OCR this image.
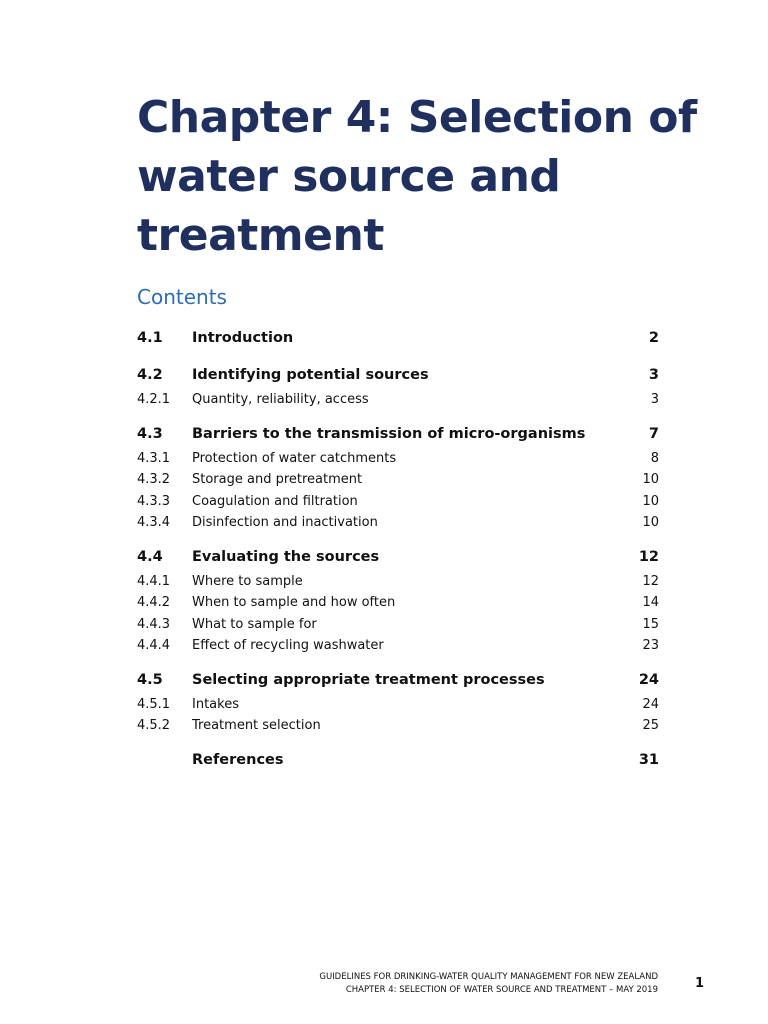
Chapter 4: Selection of water source and treatment
Contents
4.1	Introduction	2
4.2	Identifying potential sources	3
4.2.1	Quantity, reliability, access	3
4.3	Barriers to the transmission of micro-organisms	7
4.3.1	Protection of water catchments	8
4.3.2	Storage and pretreatment	10
4.3.3	Coagulation and filtration	10
4.3.4	Disinfection and inactivation	10
4.4	Evaluating the sources	12
4.4.1	Where to sample	12
4.4.2	When to sample and how often	14
4.4.3	What to sample for	15
4.4.4	Effect of recycling washwater	23
4.5	Selecting appropriate treatment processes	24
4.5.1	Intakes	24
4.5.2	Treatment selection	25
References	31
GUIDELINES FOR DRINKING-WATER QUALITY MANAGEMENT FOR NEW ZEALAND
CHAPTER 4: SELECTION OF WATER SOURCE AND TREATMENT – MAY 2019	1
